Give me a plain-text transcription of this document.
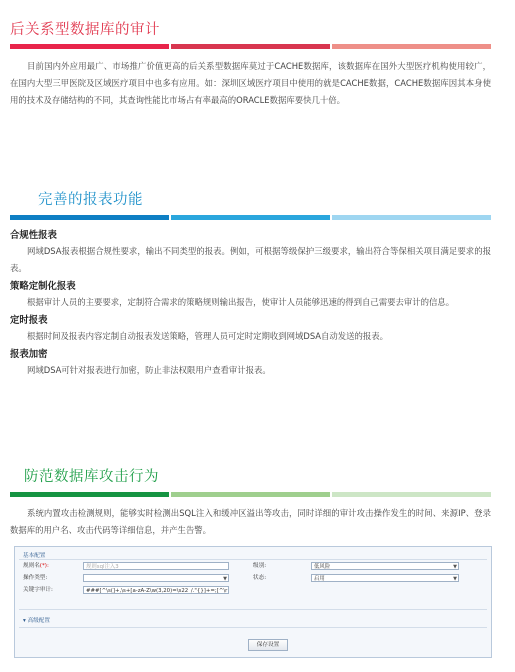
后关系型数据库的审计

目前国内外应用最广、市场推广价值更高的后关系型数据库莫过于CACHE数据库，该数据库在国外大型医疗机构使用较广，在国内大型三甲医院及区域医疗项目中也多有应用。如：深圳区域医疗项目中使用的就是CACHE数据，CACHE数据库因其本身使用的技术及存储结构的不同，其查询性能比市场占有率最高的ORACLE数据库要快几十倍。

完善的报表功能

合规性报表

网域DSA报表根据合规性要求，输出不同类型的报表。例如，可根据等级保护三级要求，输出符合等保相关项目满足要求的报表。

策略定制化报表

根据审计人员的主要要求，定制符合需求的策略规则输出报告，使审计人员能够迅速的得到自己需要去审计的信息。

定时报表

根据时间及报表内容定制自动报表发送策略，管理人员可定时定期收到网域DSA自动发送的报表。

报表加密

网域DSA可针对报表进行加密，防止非法权限用户查看审计报表。

防范数据库攻击行为

系统内置攻击检测规则，能够实时检测出SQL注入和缓冲区溢出等攻击，同时详细的审计攻击操作发生的时间、来源IP、登录数据库的用户名、攻击代码等详细信息，并产生告警。

基本配置
规则名(*):	规则sql注入3	级别:	低风险	▼
操作类型:	▼	状态:	启用	▼
关键字审计:	###[^\s(]+,\s+[a-zA-Z\w(3,20)=\s22_/."{}]+=;[^\r
▾ 高级配置
保存设置
